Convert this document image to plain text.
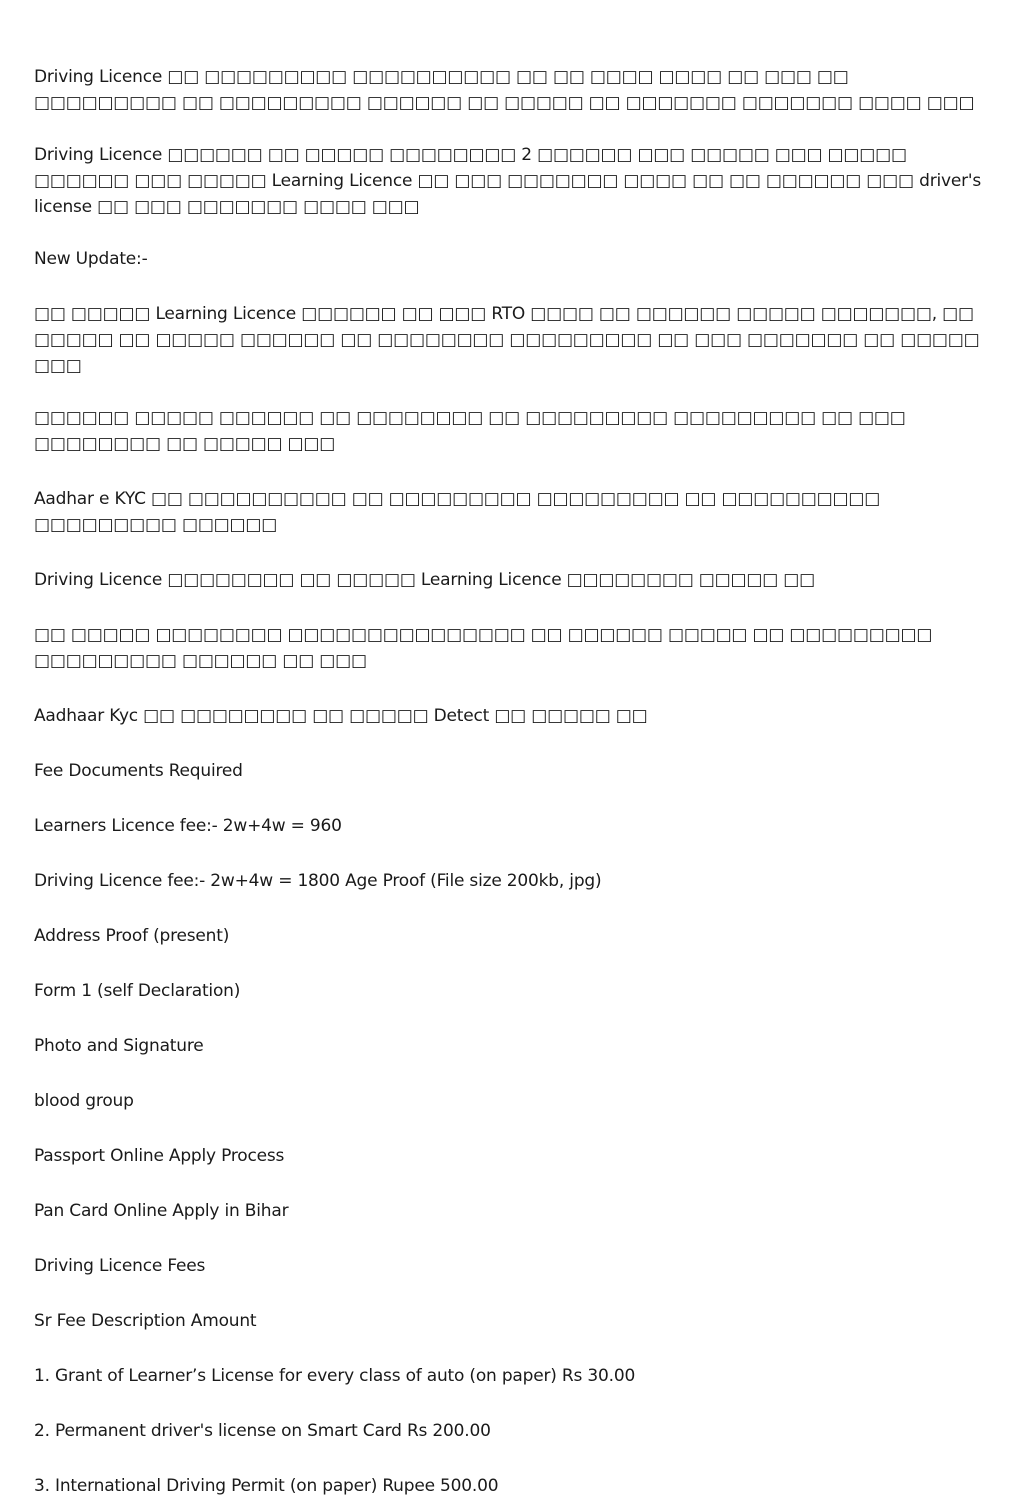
Driving Licence □□ □□□□□□□□□ □□□□□□□□□□ □□ □□ □□□□ □□□□ □□ □□□ □□ □□□□□□□□□ □□ □□□□□□□□□ □□□□□□ □□ □□□□□ □□ □□□□□□□ □□□□□□□ □□□□ □□□

Driving Licence □□□□□□ □□ □□□□□ □□□□□□□□ 2 □□□□□□ □□□ □□□□□ □□□ □□□□□ □□□□□□ □□□ □□□□□ Learning Licence □□ □□□ □□□□□□□ □□□□ □□ □□ □□□□□□ □□□ driver's license □□ □□□ □□□□□□□ □□□□ □□□

New Update:-

□□ □□□□□ Learning Licence □□□□□□ □□ □□□ RTO □□□□ □□ □□□□□□ □□□□□ □□□□□□□, □□ □□□□□ □□ □□□□□ □□□□□□ □□ □□□□□□□□ □□□□□□□□□ □□ □□□ □□□□□□□ □□ □□□□□ □□□

□□□□□□ □□□□□ □□□□□□ □□ □□□□□□□□ □□ □□□□□□□□□ □□□□□□□□□ □□ □□□ □□□□□□□□ □□ □□□□□ □□□

Aadhar e KYC □□ □□□□□□□□□□ □□ □□□□□□□□□ □□□□□□□□□ □□ □□□□□□□□□□ □□□□□□□□□ □□□□□□

Driving Licence □□□□□□□□ □□ □□□□□ Learning Licence □□□□□□□□ □□□□□ □□

□□ □□□□□ □□□□□□□□ □□□□□□□□□□□□□□□ □□ □□□□□□ □□□□□ □□ □□□□□□□□□ □□□□□□□□□ □□□□□□ □□ □□□

Aadhaar Kyc □□ □□□□□□□□ □□ □□□□□ Detect □□ □□□□□ □□

Fee Documents Required

Learners Licence fee:- 2w+4w = 960

Driving Licence fee:- 2w+4w = 1800 Age Proof (File size 200kb, jpg)

Address Proof (present)

Form 1 (self Declaration)

Photo and Signature

blood group

Passport Online Apply Process

Pan Card Online Apply in Bihar

Driving Licence Fees

Sr Fee Description Amount

1. Grant of Learner’s License for every class of auto (on paper) Rs 30.00

2. Permanent driver's license on Smart Card Rs 200.00

3. International Driving Permit (on paper) Rupee 500.00
